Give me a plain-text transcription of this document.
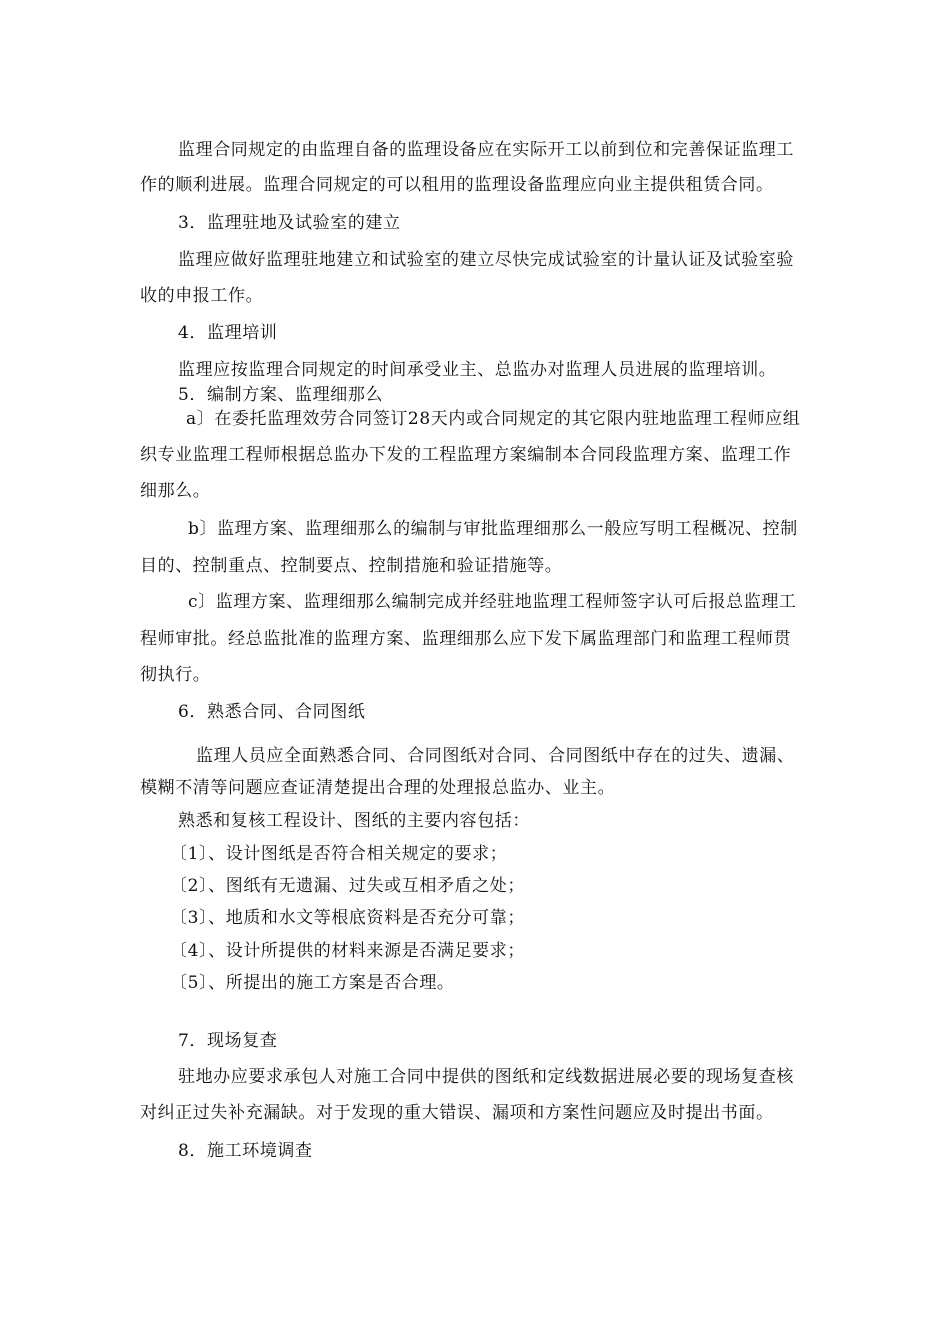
监理合同规定的由监理自备的监理设备应在实际开工以前到位和完善保证监理工

作的顺利进展。监理合同规定的可以租用的监理设备监理应向业主提供租赁合同。

3．监理驻地及试验室的建立

监理应做好监理驻地建立和试验室的建立尽快完成试验室的计量认证及试验室验

收的申报工作。

4．监理培训

监理应按监理合同规定的时间承受业主、总监办对监理人员进展的监理培训。

5．编制方案、监理细那么

a〕在委托监理效劳合同签订28天内或合同规定的其它限内驻地监理工程师应组

织专业监理工程师根据总监办下发的工程监理方案编制本合同段监理方案、监理工作

细那么。

b〕监理方案、监理细那么的编制与审批监理细那么一般应写明工程概况、控制

目的、控制重点、控制要点、控制措施和验证措施等。

c〕监理方案、监理细那么编制完成并经驻地监理工程师签字认可后报总监理工

程师审批。经总监批准的监理方案、监理细那么应下发下属监理部门和监理工程师贯

彻执行。

6．熟悉合同、合同图纸

监理人员应全面熟悉合同、合同图纸对合同、合同图纸中存在的过失、遗漏、

模糊不清等问题应查证清楚提出合理的处理报总监办、业主。

熟悉和复核工程设计、图纸的主要内容包括：

〔1〕、设计图纸是否符合相关规定的要求；

〔2〕、图纸有无遗漏、过失或互相矛盾之处；

〔3〕、地质和水文等根底资料是否充分可靠；

〔4〕、设计所提供的材料来源是否满足要求；

〔5〕、所提出的施工方案是否合理。

7．现场复查

驻地办应要求承包人对施工合同中提供的图纸和定线数据进展必要的现场复查核

对纠正过失补充漏缺。对于发现的重大错误、漏项和方案性问题应及时提出书面。

8．施工环境调查
